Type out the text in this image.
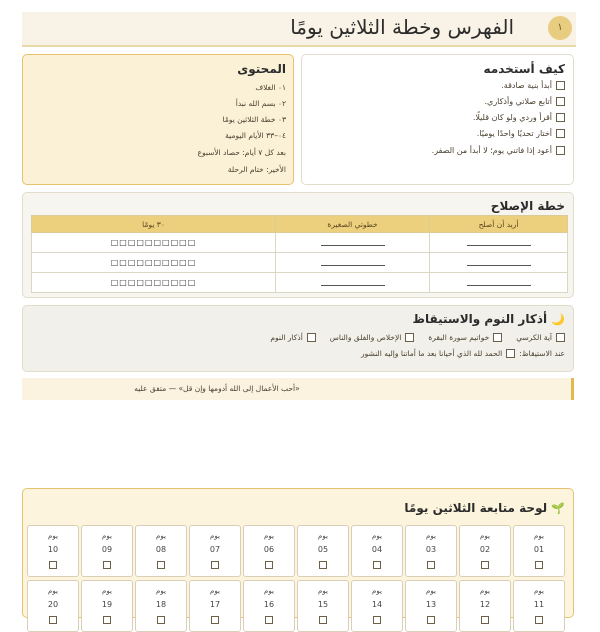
١
الفهرس وخطة الثلاثين يومًا
كيف أستخدمه
أبدأ بنية صادقة.
أتابع صلاتي وأذكاري.
أقرأ وردي ولو كان قليلًا.
أختار تحديًا واحدًا يوميًا.
أعود إذا فاتني يوم؛ لا أبدأ من الصفر.
المحتوى
٠١ الغلاف
٠٢ بسم الله نبدأ
٠٣ خطة الثلاثين يومًا
٠٤–٣٣ الأيام اليومية
بعد كل ٧ أيام: حصاد الأسبوع
الأخير: ختام الرحلة
خطة الإصلاح
أريد أن أصلح	خطوتي الصغيرة	٣٠ يومًا
		□□□□□□□□□□
		□□□□□□□□□□
		□□□□□□□□□□
🌙 أذكار النوم والاستيقاظ
آية الكرسي
خواتيم سورة البقرة
الإخلاص والفلق والناس
أذكار النوم
عند الاستيقاظ:
الحمد لله الذي أحيانا بعد ما أماتنا وإليه النشور
«أحب الأعمال إلى الله أدومها وإن قل» — متفق عليه
🌱 لوحة متابعة الثلاثين يومًا
يوم
01
يوم
02
يوم
03
يوم
04
يوم
05
يوم
06
يوم
07
يوم
08
يوم
09
يوم
10
يوم
11
يوم
12
يوم
13
يوم
14
يوم
15
يوم
16
يوم
17
يوم
18
يوم
19
يوم
20
